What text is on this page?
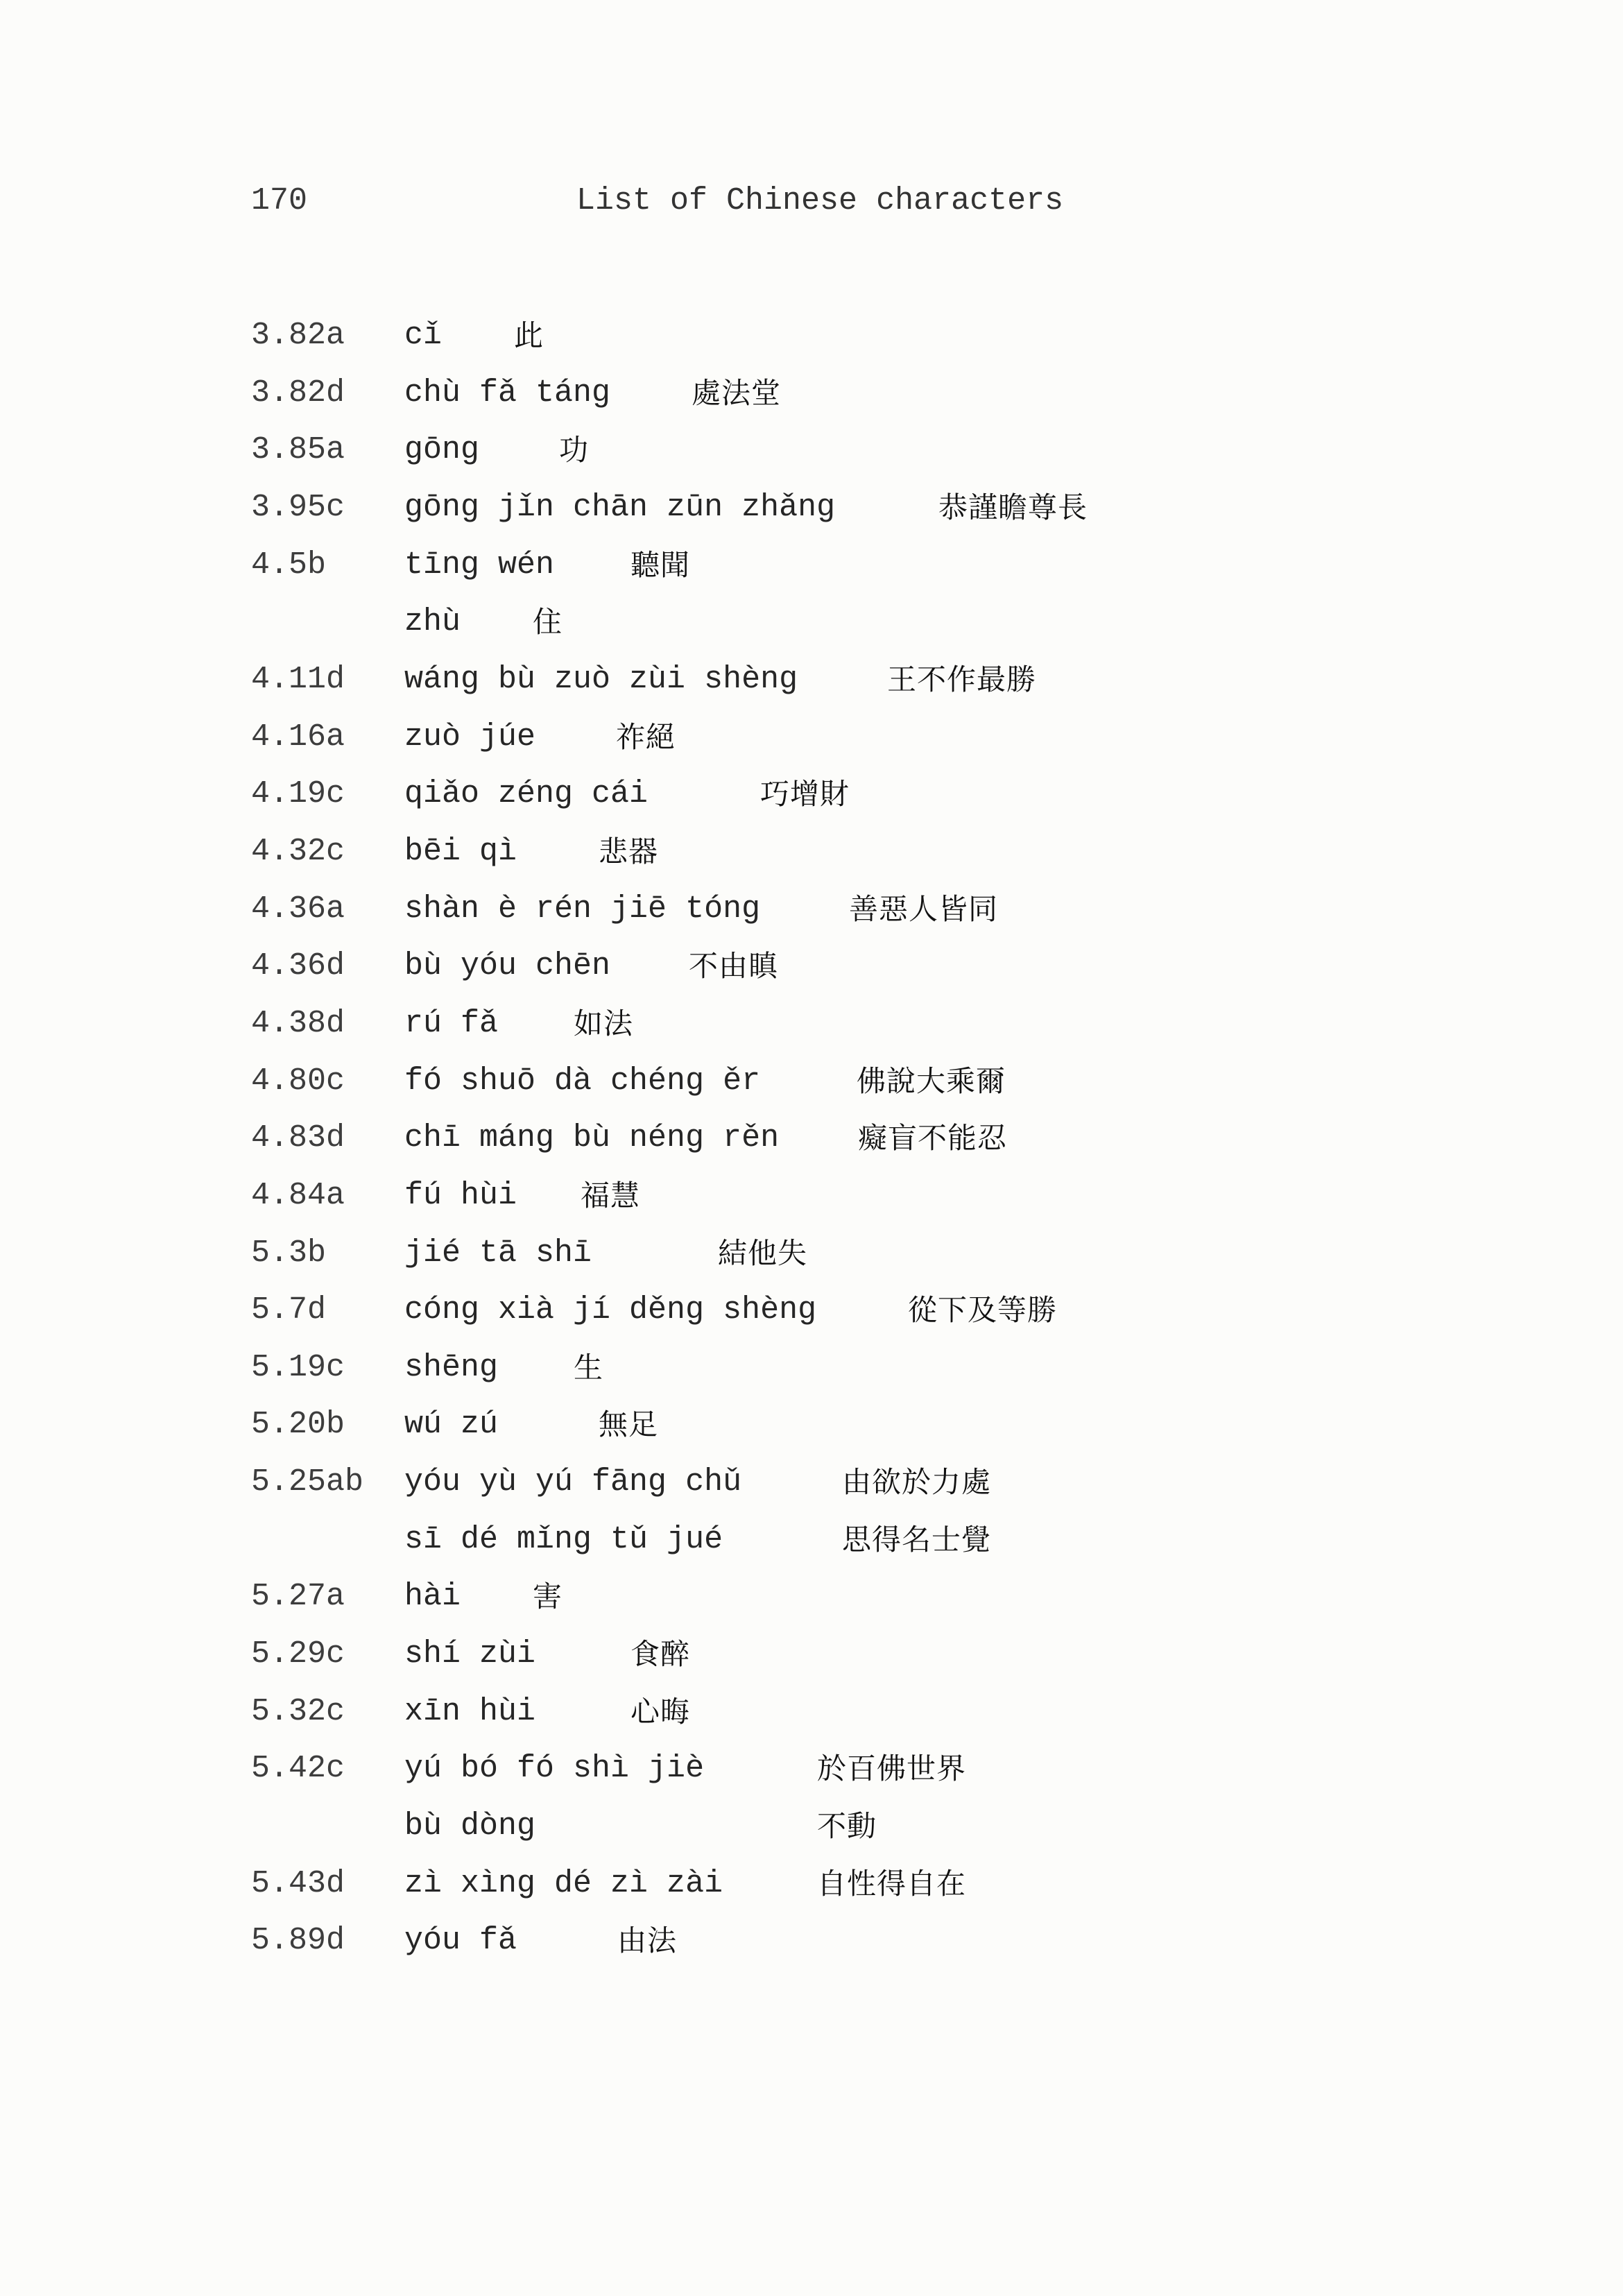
170	List of Chinese characters
3.82a cǐ 此
3.82d chù fǎ táng	處法堂
3.85a gōng	功
3.95c gōng jǐn chān zūn zhǎng	恭謹瞻尊長
4.5b	tīng wén	聽聞
zhù 住
4.11d wáng bù zuò zùi shèng	王不作最勝
4.16a zuò júe	祚絕
4.19c qiǎo zéng cái	巧增財
4.32c bēi qì	悲器
4.36a shàn è rén jiē tóng	善惡人皆同
4.36d bù yóu chēn	不由瞋
4.38d rú fǎ	如法
4.80c fó shuō dà chéng ěr	佛說大乘爾
4.83d chī máng bù néng rěn	癡盲不能忍
4.84a fú hùi 福慧
5.3b	jié tā shī	結他失
5.7d	cóng xià jí děng shèng	從下及等勝
5.19c shēng	生
5.20b wú zú	無足
5.25ab yóu yù yú fāng chǔ	由欲於力處
sī dé mǐng tǔ jué	思得名士覺
5.27a hài 害
5.29c shí zùi	食醉
5.32c xīn hùi	心晦
5.42c yú bó fó shì jiè	於百佛世界
bù dòng	不動
5.43d zì xìng dé zì zài	自性得自在
5.89d yóu fǎ	由法
